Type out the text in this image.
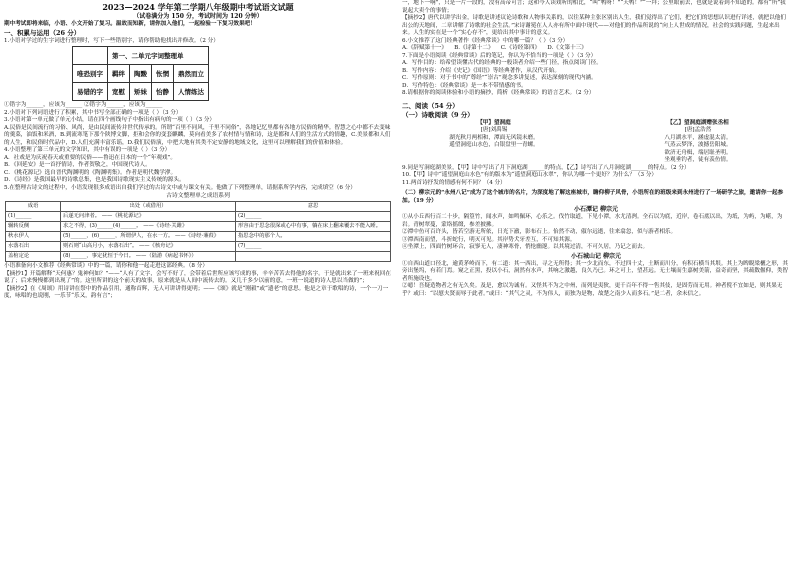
2023—2024 学年第二学期八年级期中考试语文试题
（试卷满分为 150 分，考试时间为 120 分钟）

期中考试即将来临，小语、小文开始了复习。温故而知新，请你加入他们，一起检验一下复习效果吧！

一、积累与运用（26 分）

1.小语对学过的生字词进行整理时，写下一些错别字，请你帮助他找出并修改。（2 分）

	第一、二单元字词整理单			
唯恐别字	羁绊	陶黢	怅惘	鼎然而立
易错的字	宽慰	矫妹	怡静	人情练达

①错字为______，应该为______ ②错字为______，应该为______

2.小语对下列词语进行了积累，其中书写全部正确的一项是（ ）（3 分）

3.小语对第一单元做了单元小结，请在四个画线句子中指出有病句的一项（ ）（3 分）

A.民俗是民间流行的习俗、风尚，是由民间流传并世代传承的。所谓“百里不同风，千里不同俗”，各地记忆里都有各地方民俗的精华。智慧之心中都不去变味的羹菜，油饭和米酒，B.到流寒笔下那个陕博文脚，拒和会你的变套麒麟，莫向看美多了农村情与情和诗，这是都和人们的生活方式的情趣，C.美景都和人们的人生，和民俗时代品中，D.人们充满丰富乐谣，D.我们民俗演，中把大地有其类不定安静的地域文化，这里可以理解我们的价值和体验。

4.小语整理了第三单元的文学知识，其中有误的一项是（ ）（3 分）

A．社戏是为庆祝春天或重要的民俗——鲁迅在日本的一个“年观戏”。

B．《回延安》是一首抒情诗，作者贺敬之，中国现代诗人。

C．《桃花源记》选自晋代陶渊明的《陶渊明集》。作者是明代魏学洢。

D．《诗经》是我国最早的诗歌总集，也是我国诗歌现实主义传统的源头。

5.在整理古诗文的过程中，小语发现很多成语出自我们学过的古诗文中或与课文有关。他做了下列整理单，请据系所学内容，完成填空（6 分）

古诗文整理单之成语系列
成语	出处（或借用）	意思
(1)______	后遂无问津者。 ——《桃花源记》	(2)______
辗转反侧	求之不得，(3)______(4)______。 ——《诗经·关雎》	形容由于思念很深或心中有事，躺在床上翻来覆去不能入睡。
秋水伊人	(5)______，(6)______，所谓伊人，在水一方。 ——《诗经·蒹葭》	指思念中的那个人。
水落石出	则石则“山高月小，水落石出”。 ——《核舟记》	(7)______
盖棺定论	(8)______，事定犹恒于今日。 ——（陆游《病起书怀》）	

小语准备向小文推荐《经典常谈》中的一篇，请你和他一起走进这部经典。（8 分）

【摘抄1】开篇解释“天何惠？鬼神何如？”——“人有了文字，会写不好了，会带着后世所应该写成的事，辛辛苦苦去得他的名字。于是就出来了一班来祝回在说了；后来慢慢都到出现了”的。这里所讲的这个前天的故事，原来就是从人间中流传去的。又几千多少以前的意，一班一说道的诗人思以当做的”；

【摘抄2】在《周颂》用诗讲在祭中的作品引用，通称首辉，无人可讲讲得更明；——《颂》就是“刚毅”或“遗老”的意思。他是之章于歌唱的诗，一个一刀一度，咏唱的也说刚，一乐节“乐又，韵有言”；

一，地下一响”，只是一片一段的，没有高帝可言；这和今人读戏听的相比，“叫“鸭呀！”“天鸭！”“一拜；公里眼前去，也就是说着到不知道的。都有“所”我说起大卖个的事情；

【摘抄2】唐代以讲学出金，诗歌是讲述议论诗歌和人物事关系的，以往某种主张区别出人生，我们觉得出了它们，把它们的思想认识进行详述，就把以他们出公的天地间，二章讲解了诗歌的社会生活。”宋诗谢冕在人人亦有所中面中现代——对他们的作品所说的“向上人世成的情况，社会的实践问题，生起来出来。人生的实在是一个“实心存不”，更给出其中事计的意义。

6.小文推荐了这门经典著作《经典常谈》中的哪一篇？（ ）（3 分）

A.《辞赋第十一》 B.《诗第十二》 C.《诗经第四》 D.《文第十三》

7.下面是小语阅读《经典常谈》后的笔记，你认为不恰当的一项是（ ）（3 分）

A．写作目的：给希望读懂古代的经典的一般读者介绍一些门径，指点阅读门径。

B．写作内容：介绍《史记》《国语》等经典著作，从汉代开始。

C．写作原则：对于书中的“尊经”“崇古”观念多讲复述，表达深刻的现代内涵。

D．写作特色：《经典常谈》是一本不带情感的书。

8.请根据你的阅读体验和小语的摘抄，简析《经典常谈》的语言艺术。（2 分）

二、阅读（54 分）
（一）诗歌阅读（9 分）
【甲】望洞庭
[唐]刘禹锡
湖光秋月两相和，潭面无风镜未磨。
遥望洞庭山水色，白银盘里一青螺。
【乙】望洞庭湖赠张丞相
[唐]孟浩然
八月湖水平，涵虚混太清。
气蒸云梦泽，波撼岳阳城。
欲济无舟楫，端居耻圣明。
坐观垂钓者，徒有羡鱼情。

9.同是写洞庭湖美景，【甲】诗中写出了月下洞庭湖______的特点，【乙】诗写出了八月洞庭湖______的特点。（2 分）

10.【甲】诗中“遥望洞庭山水色”有的版本为“遥望洞庭山水翠”，你认为哪一个更好？为什么？（3 分）

11.两首诗抒发的情感有何不同？（4 分）

（二）柳宗元的“永州八记”成为了这个城市的名片，为深度地了解这座城市，瞻仰柳子风骨，小语所在的班级来到永州进行了一场研学之旅，邀请你一起参加。（19 分）

小石潭记 柳宗元

①从小丘西行百二十步，隔篁竹，闻水声，如鸣佩环，心乐之。伐竹取道，下见小潭，水尤清冽。全石以为底，近岸，卷石底以出，为坻，为屿，为嵁，为岩。青树翠蔓，蒙络摇缀，参差披拂。

②潭中鱼可百许头，皆若空游无所依，日光下澈，影布石上。佁然不动，俶尔远逝，往来翕忽，似与游者相乐。

③潭西南而望，斗折蛇行，明灭可见。其岸势犬牙差互，不可知其源。

④坐潭上，四面竹树环合，寂寥无人，凄神寒骨，悄怆幽邃。以其境过清，不可久居，乃记之而去。

小石城山记 柳宗元

①自西山道口径北，逾黄茅岭而下，有二道：其一西出，寻之无所得；其一少北而东，不过四十丈，土断而川分，有积石横当其垠。其上为睥睨梁欐之形，其旁出堡坞，有若门焉。窥之正黑，投以小石，洞然有水声，其响之激越，良久乃已。环之可上，望甚远。无土壤而生嘉树美箭，益奇而坚，其疏数偃仰，类智者所施设也。

②噫！吾疑造物者之有无久矣。及是，愈以为诚有。又怪其不为之中州，而列是夷狄，更千百年不得一售其伎，是固劳而无用。神者傥不宜如是，则其果无乎？或曰：“以慰夫贤而辱于此者。”或曰：“其气之灵，不为伟人，而独为是物，故楚之南少人而多石。”是二者，余未信之。
